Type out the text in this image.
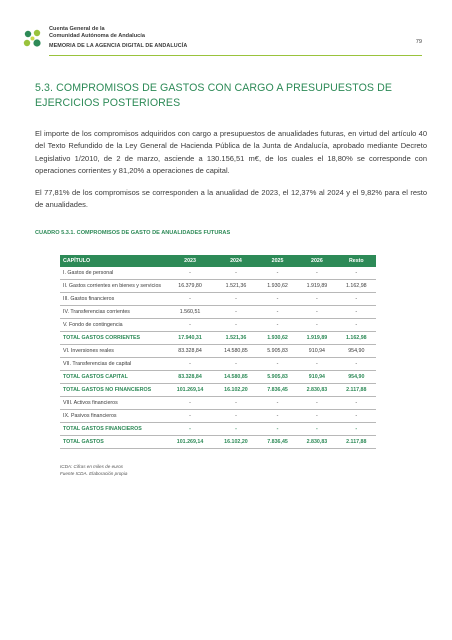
Cuenta General de la
Comunidad Autónoma de Andalucía
MEMORIA DE LA AGENCIA DIGITAL DE ANDALUCÍA
79
5.3. COMPROMISOS DE GASTOS CON CARGO A PRESUPUESTOS DE EJERCICIOS POSTERIORES
El importe de los compromisos adquiridos con cargo a presupuestos de anualidades futuras, en virtud del artículo 40 del Texto Refundido de la Ley General de Hacienda Pública de la Junta de Andalucía, aprobado mediante Decreto Legislativo 1/2010, de 2 de marzo, asciende a 130.156,51 m€, de los cuales el 18,80% se corresponde con operaciones corrientes y 81,20% a operaciones de capital.
El 77,81% de los compromisos se corresponden a la anualidad de 2023, el 12,37% al 2024 y el 9,82% para el resto de anualidades.
CUADRO 5.3.1. COMPROMISOS DE GASTO DE ANUALIDADES FUTURAS
CAPÍTULO	2023	2024	2025	2026	Resto
I. Gastos de personal	-	-	-	-	-
II. Gastos corrientes en bienes y servicios	16.379,80	1.521,36	1.930,62	1.919,89	1.162,98
III. Gastos financieros	-	-	-	-	-
IV. Transferencias corrientes	1.560,51	-	-	-	-
V. Fondo de contingencia	-	-	-	-	-
TOTAL GASTOS CORRIENTES	17.940,31	1.521,36	1.930,62	1.919,89	1.162,98
VI. Inversiones reales	83.328,84	14.580,85	5.905,83	910,94	954,90
VII. Transferencias de capital	-	-	-	-	-
TOTAL GASTOS CAPITAL	83.328,84	14.580,85	5.905,83	910,94	954,90
TOTAL GASTOS NO FINANCIEROS	101.269,14	16.102,20	7.836,45	2.830,83	2.117,88
VIII. Activos financieros	-	-	-	-	-
IX. Pasivos financieros	-	-	-	-	-
TOTAL GASTOS FINANCIEROS	-	-	-	-	-
TOTAL GASTOS	101.269,14	16.102,20	7.836,45	2.830,83	2.117,88
ICDA: Cifras en miles de euros
Fuente ICDA. Elaboración propia
